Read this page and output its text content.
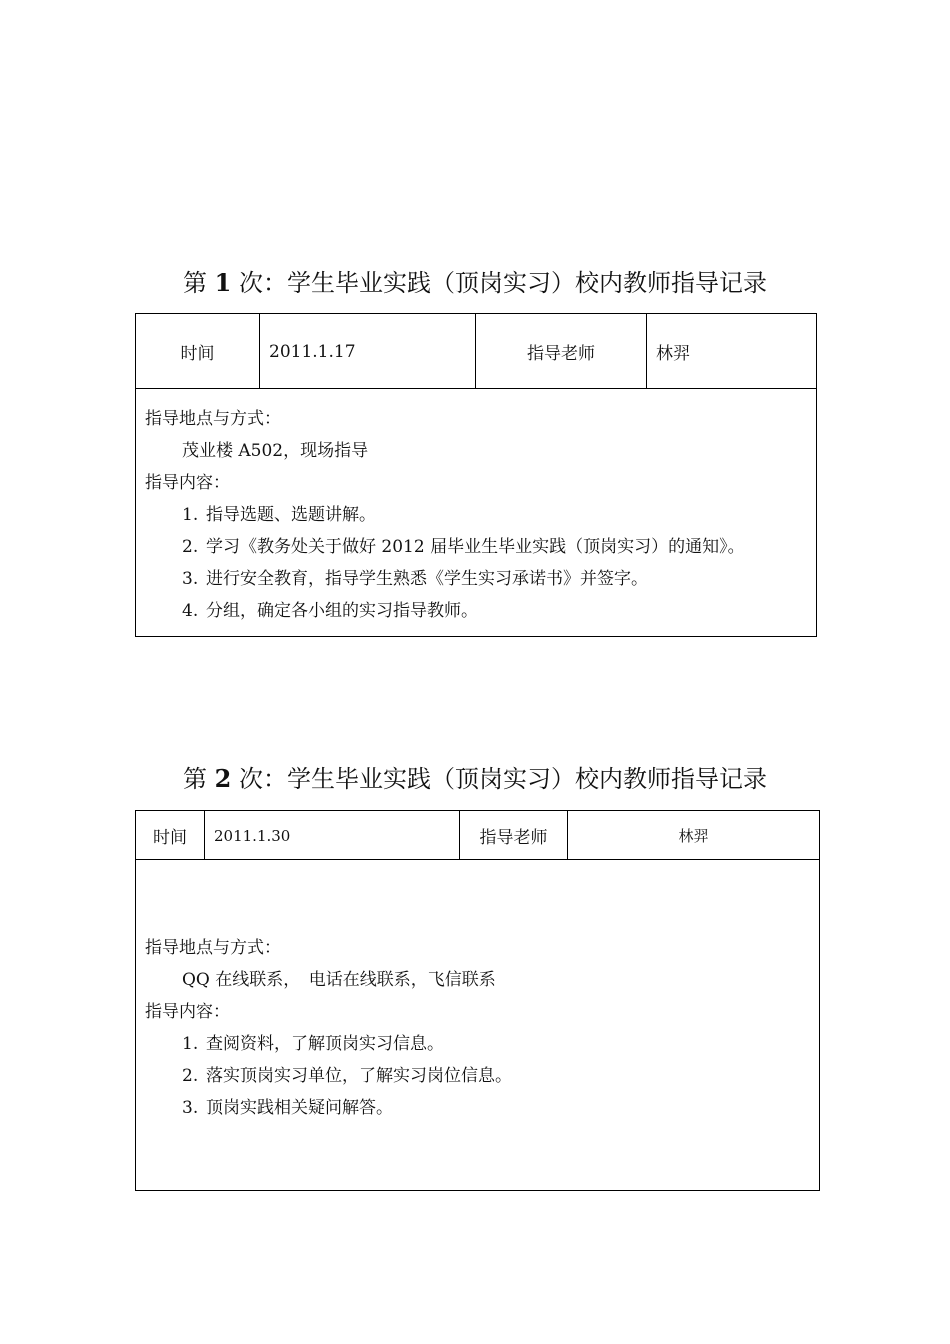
第 1 次：学生毕业实践（顶岗实习）校内教师指导记录
时间	2011.1.17	指导老师	林羿
指导地点与方式：
茂业楼 A502，现场指导
指导内容：
1. 指导选题、选题讲解。
2. 学习《教务处关于做好 2012 届毕业生毕业实践（顶岗实习）的通知》。
3. 进行安全教育，指导学生熟悉《学生实习承诺书》并签字。
4. 分组，确定各小组的实习指导教师。
第 2 次：学生毕业实践（顶岗实习）校内教师指导记录
时间 2011.1.30	指导老师	林羿
指导地点与方式：
QQ 在线联系，　电话在线联系，飞信联系
指导内容：
1. 查阅资料，了解顶岗实习信息。
2. 落实顶岗实习单位，了解实习岗位信息。
3. 顶岗实践相关疑问解答。
